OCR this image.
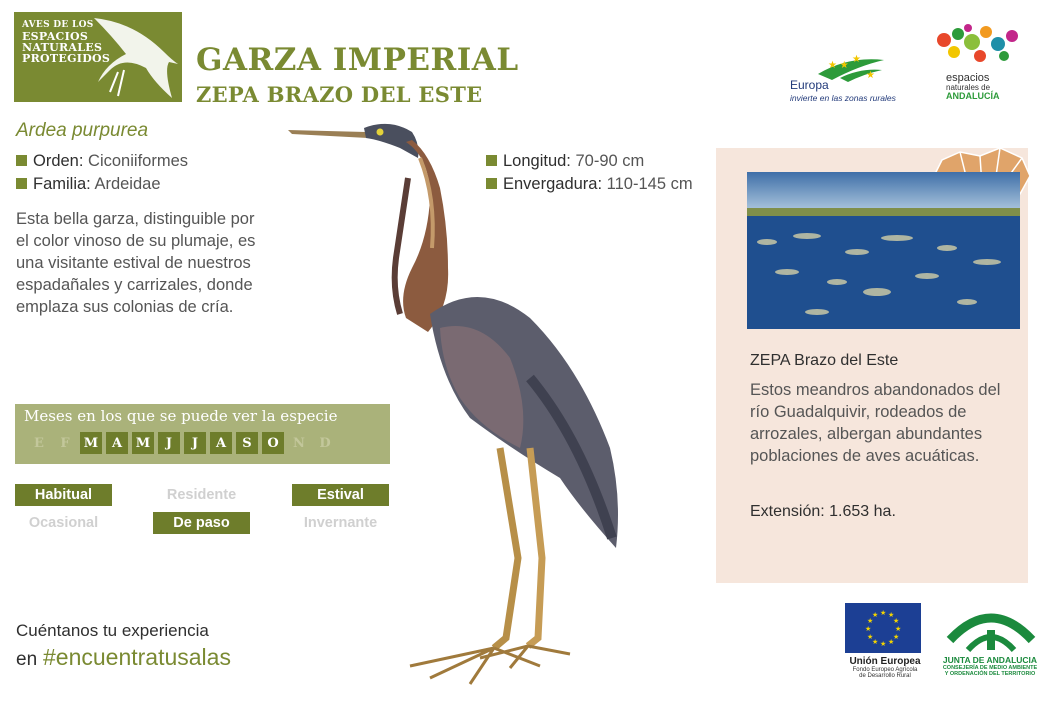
AVES DE LOS
ESPACIOS
NATURALES
PROTEGIDOS	GARZA IMPERIAL
ZEPA BRAZO DEL ESTE
★ ★
★
★
Europa
invierte en las zonas rurales
espacios
naturales de
ANDALUCÍA
Ardea purpurea
Orden: Ciconiiformes
Familia: Ardeidae
Longitud: 70-90 cm
Envergadura: 110-145 cm
Esta bella garza, distinguible por el color vinoso de su plumaje, es una visitante estival de nuestros espadañales y carrizales, donde emplaza sus colonias de cría.
Meses en los que se puede ver la especie
E	F	M	A	M	J	J	A	S	O	N	D
Habitual	Residente	Estival
Ocasional	De paso	Invernante
Cuéntanos tu experiencia
en #encuentratusalas
ZEPA Brazo del Este
Estos meandros abandonados del río Guadalquivir, rodeados de arrozales, albergan abundantes poblaciones de aves acuáticas.
Extensión: 1.653 ha.
★ ★
★
★
★
★
★
★
★
★
★
★
Unión Europea
Fondo Europeo Agrícola
de Desarrollo Rural
JUNTA DE ANDALUCIA
CONSEJERÍA DE MEDIO AMBIENTE
Y ORDENACIÓN DEL TERRITORIO
